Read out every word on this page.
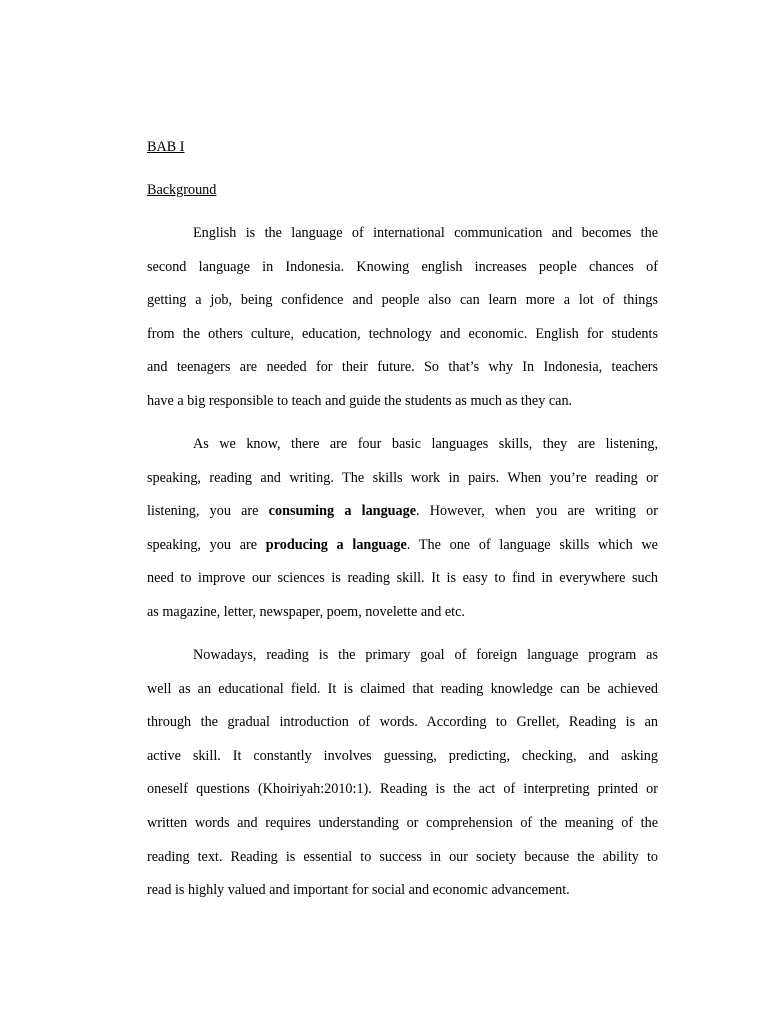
BAB I
Background
English is the language of international communication and becomes the
second language in Indonesia. Knowing english increases people chances of
getting a job, being confidence and people also can learn more a lot of things
from the others culture, education, technology and economic. English for students
and teenagers are needed for their future. So that’s why In Indonesia, teachers
have a big responsible to teach and guide the students as much as they can.
As we know, there are four basic languages skills, they are listening,
speaking, reading and writing. The skills work in pairs. When you’re reading or
listening, you are consuming a language. However, when you are writing or
speaking, you are producing a language. The one of language skills which we
need to improve our sciences is reading skill. It is easy to find in everywhere such
as magazine, letter, newspaper, poem, novelette and etc.
Nowadays, reading is the primary goal of foreign language program as
well as an educational field. It is claimed that reading knowledge can be achieved
through the gradual introduction of words. According to Grellet, Reading is an
active skill. It constantly involves guessing, predicting, checking, and asking
oneself questions (Khoiriyah:2010:1). Reading is the act of interpreting printed or
written words and requires understanding or comprehension of the meaning of the
reading text. Reading is essential to success in our society because the ability to
read is highly valued and important for social and economic advancement.
